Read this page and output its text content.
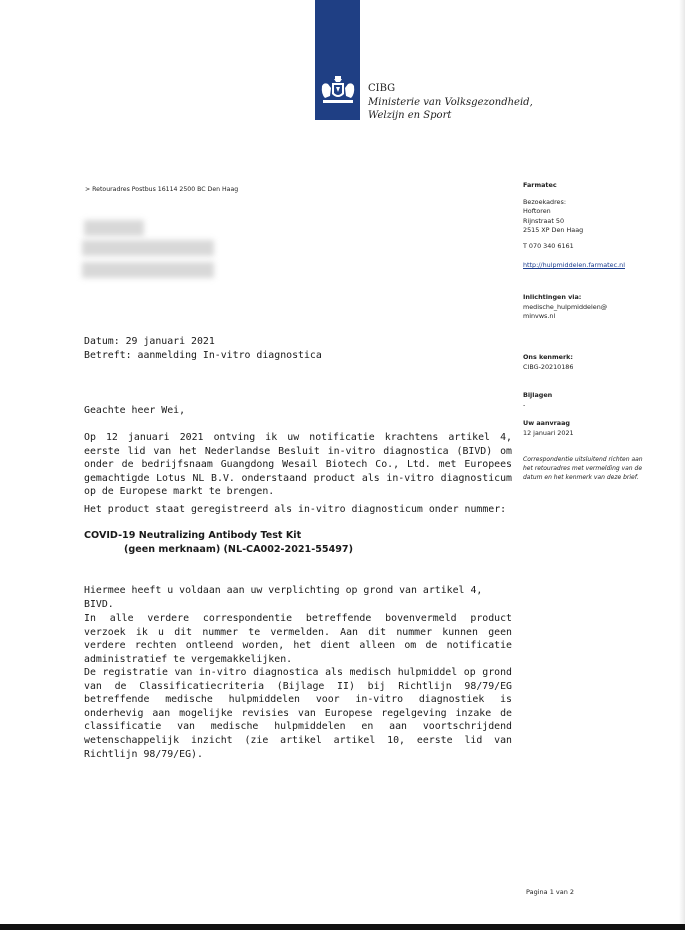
CIBG
Ministerie van Volksgezondheid,
Welzijn en Sport
> Retouradres Postbus 16114 2500 BC Den Haag
Farmatec
Bezoekadres:
Hoftoren
Rijnstraat 50
2515 XP Den Haag
T 070 340 6161
http://hulpmiddelen.farmatec.nl
Inlichtingen via:
medische_hulpmiddelen@
minvws.nl
Ons kenmerk:
CIBG-20210186
Bijlagen
-
Uw aanvraag
12 januari 2021
Correspondentie uitsluitend richten aan het retouradres met vermelding van de datum en het kenmerk van deze brief.
Datum: 29 januari 2021
Betreft: aanmelding In-vitro diagnostica
Geachte heer Wei,
Op 12 januari 2021 ontving ik uw notificatie krachtens artikel 4, eerste lid van het Nederlandse Besluit in-vitro diagnostica (BIVD) om onder de bedrijfsnaam Guangdong Wesail Biotech Co., Ltd. met Europees gemachtigde Lotus NL B.V. onderstaand product als in-vitro diagnosticum op de Europese markt te brengen.
Het product staat geregistreerd als in-vitro diagnosticum onder nummer:
COVID-19 Neutralizing Antibody Test Kit
(geen merknaam) (NL-CA002-2021-55497)
Hiermee heeft u voldaan aan uw verplichting op grond van artikel 4, BIVD.
In alle verdere correspondentie betreffende bovenvermeld product verzoek ik u dit nummer te vermelden. Aan dit nummer kunnen geen verdere rechten ontleend worden, het dient alleen om de notificatie administratief te vergemakkelijken.
De registratie van in-vitro diagnostica als medisch hulpmiddel op grond van de Classificatiecriteria (Bijlage II) bij Richtlijn 98/79/EG betreffende medische hulpmiddelen voor in-vitro diagnostiek is onderhevig aan mogelijke revisies van Europese regelgeving inzake de classificatie van medische hulpmiddelen en aan voortschrijdend wetenschappelijk inzicht (zie artikel artikel 10, eerste lid van Richtlijn 98/79/EG).
Pagina 1 van 2
